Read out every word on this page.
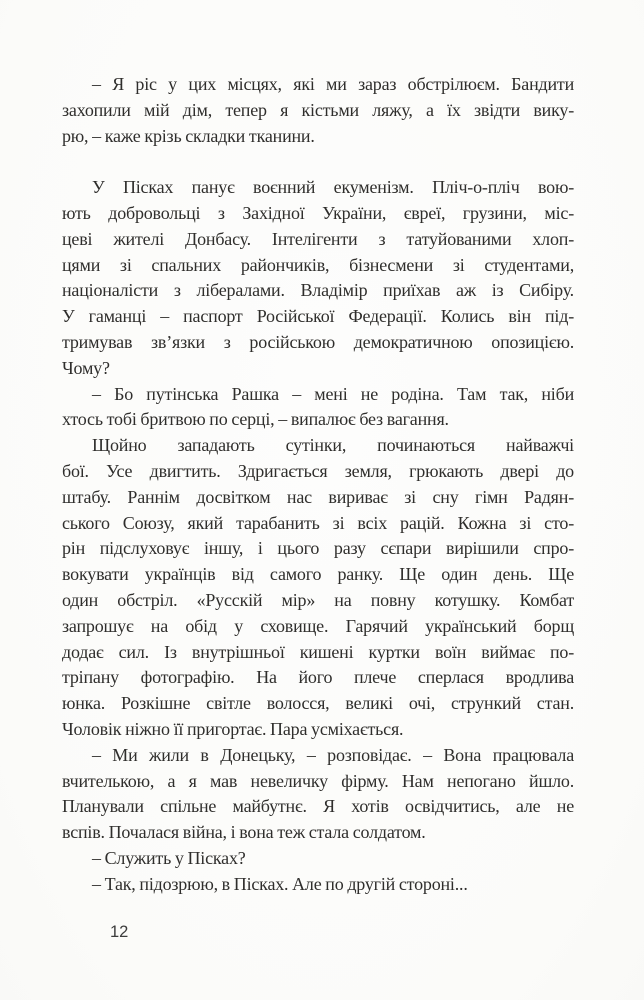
– Я ріс у цих місцях, які ми зараз обстрілюєм. Бандити
захопили мій дім, тепер я кістьми ляжу, а їх звідти вику-
рю, – каже крізь складки тканини.

У Пісках панує воєнний екуменізм. Пліч-о-пліч вою-
ють добровольці з Західної України, євреї, грузини, міс-
цеві жителі Донбасу. Інтелігенти з татуйованими хлоп-
цями зі спальних райончиків, бізнесмени зі студентами,
націоналісти з лібералами. Владімір приїхав аж із Сибіру.
У гаманці – паспорт Російської Федерації. Колись він під-
тримував зв’язки з російською демократичною опозицією.
Чому?

– Бо путінська Рашка – мені не родіна. Там так, ніби
хтось тобі бритвою по серці, – випалює без вагання.

Щойно западають сутінки, починаються найважчі
бої. Усе двигтить. Здригається земля, грюкають двері до
штабу. Раннім досвітком нас вириває зі сну гімн Радян-
ського Союзу, який тарабанить зі всіх рацій. Кожна зі сто-
рін підслуховує іншу, і цього разу сєпари вирішили спро-
вокувати українців від самого ранку. Ще один день. Ще
один обстріл. «Русскій мір» на повну котушку. Комбат
запрошує на обід у сховище. Гарячий український борщ
додає сил. Із внутрішньої кишені куртки воїн виймає по-
тріпану фотографію. На його плече сперлася вродлива
юнка. Розкішне світле волосся, великі очі, стрункий стан.
Чоловік ніжно її пригортає. Пара усміхається.

– Ми жили в Донецьку, – розповідає. – Вона працювала
вчителькою, а я мав невеличку фірму. Нам непогано йшло.
Планували спільне майбутнє. Я хотів освідчитись, але не
вспів. Почалася війна, і вона теж стала солдатом.

– Служить у Пісках?

– Так, підозрюю, в Пісках. Але по другій стороні...

12
